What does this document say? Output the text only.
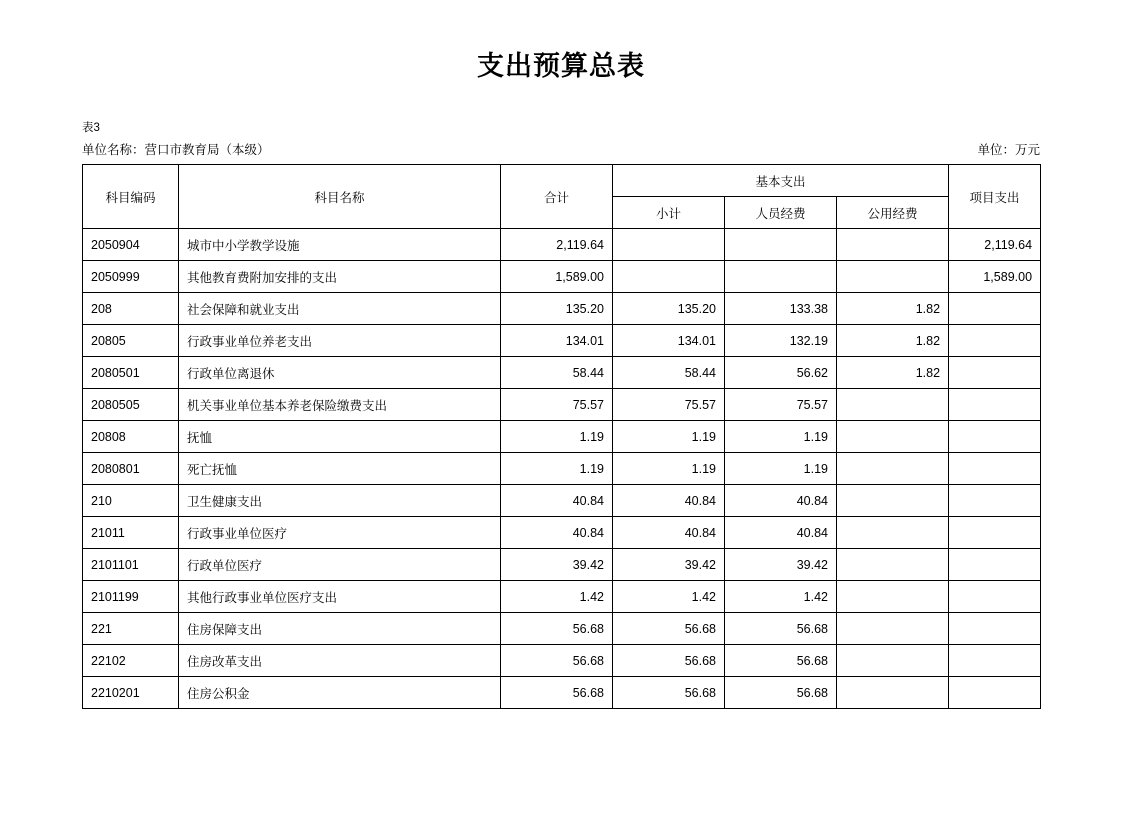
支出预算总表
表3
单位名称：营口市教育局（本级）	单位：万元
科目编码	科目名称	合计	基本支出			项目支出
			小计	人员经费	公用经费	
2050904	城市中小学教学设施	2,119.64				2,119.64
2050999	其他教育费附加安排的支出	1,589.00				1,589.00
208	社会保障和就业支出	135.20	135.20	133.38	1.82	
20805	行政事业单位养老支出	134.01	134.01	132.19	1.82	
2080501	行政单位离退休	58.44	58.44	56.62	1.82	
2080505	机关事业单位基本养老保险缴费支出	75.57	75.57	75.57		
20808	抚恤	1.19	1.19	1.19		
2080801	死亡抚恤	1.19	1.19	1.19		
210	卫生健康支出	40.84	40.84	40.84		
21011	行政事业单位医疗	40.84	40.84	40.84		
2101101	行政单位医疗	39.42	39.42	39.42		
2101199	其他行政事业单位医疗支出	1.42	1.42	1.42		
221	住房保障支出	56.68	56.68	56.68		
22102	住房改革支出	56.68	56.68	56.68		
2210201	住房公积金	56.68	56.68	56.68		
